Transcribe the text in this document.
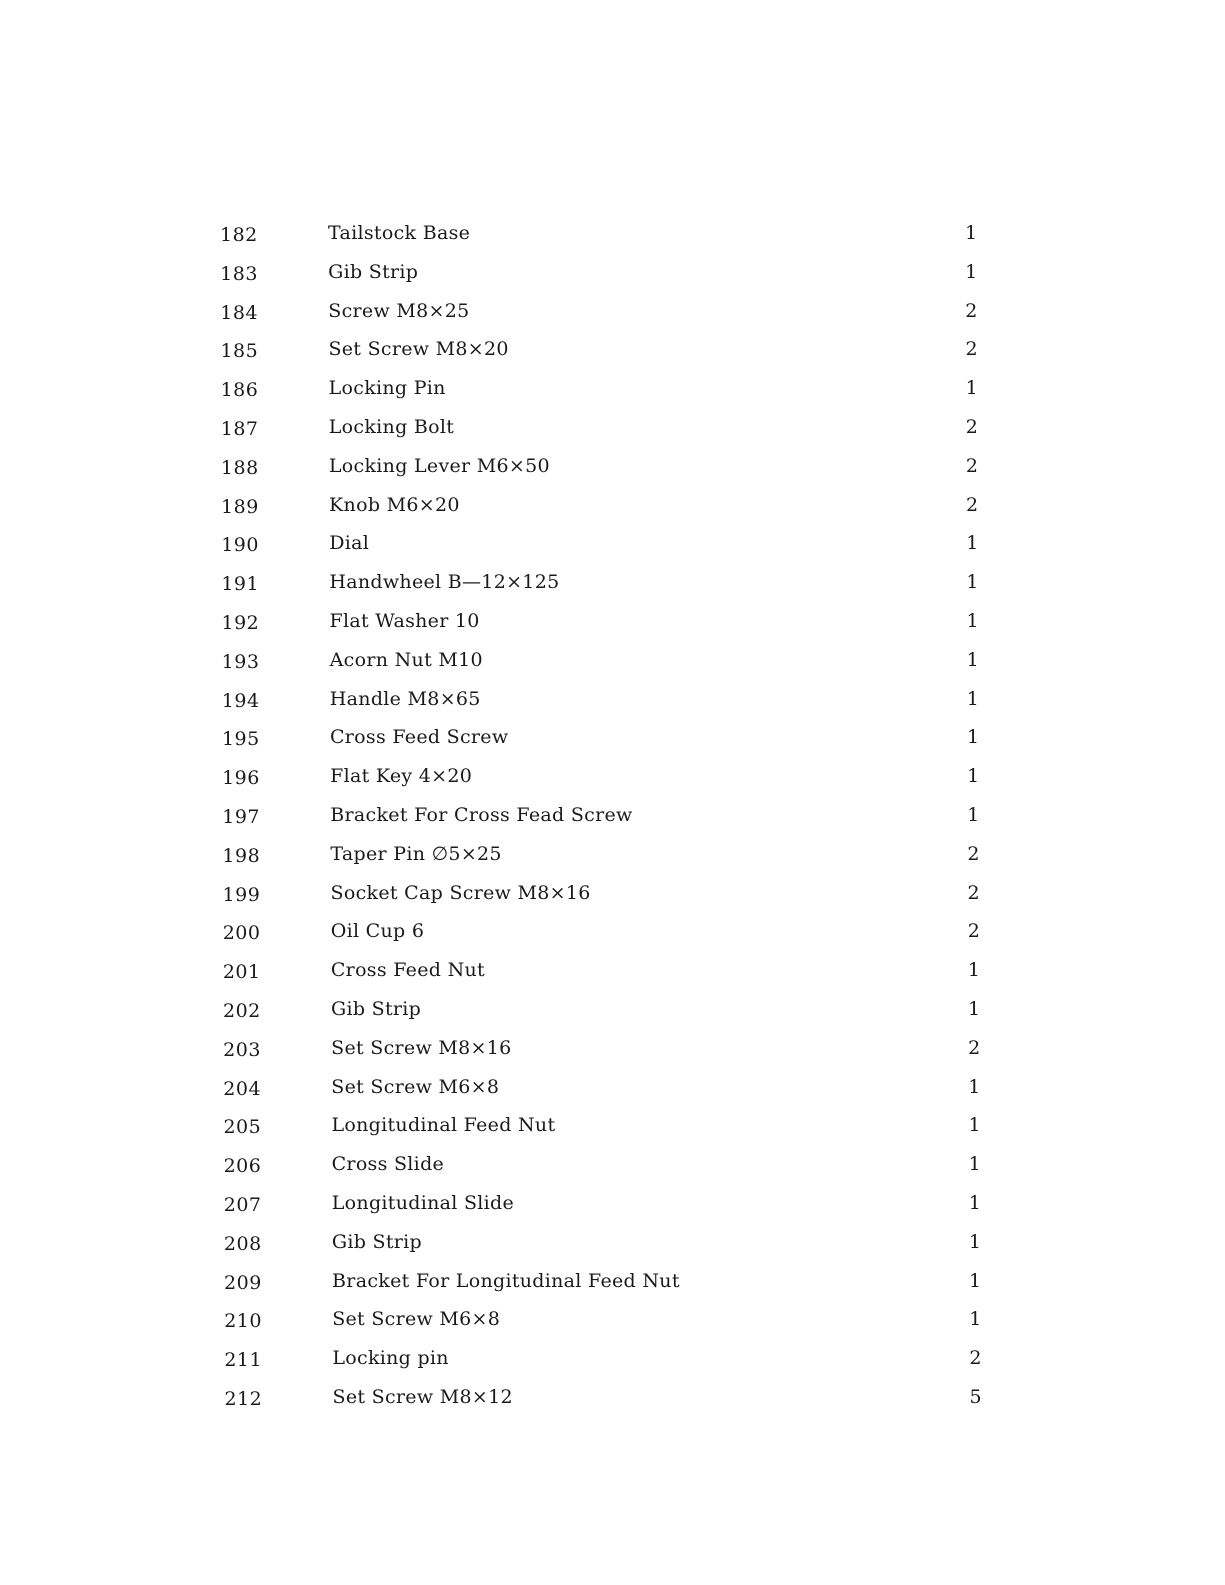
182	Tailstock Base	1
183	Gib Strip	1
184	Screw M8×25	2
185	Set Screw M8×20	2
186	Locking Pin	1
187	Locking Bolt	2
188	Locking Lever M6×50	2
189	Knob M6×20	2
190	Dial	1
191	Handwheel B—12×125	1
192	Flat Washer 10	1
193	Acorn Nut M10	1
194	Handle M8×65	1
195	Cross Feed Screw	1
196	Flat Key 4×20	1
197	Bracket For Cross Fead Screw	1
198	Taper Pin ∅5×25	2
199	Socket Cap Screw M8×16	2
200	Oil Cup 6	2
201	Cross Feed Nut	1
202	Gib Strip	1
203	Set Screw M8×16	2
204	Set Screw M6×8	1
205	Longitudinal Feed Nut	1
206	Cross Slide	1
207	Longitudinal Slide	1
208	Gib Strip	1
209	Bracket For Longitudinal Feed Nut	1
210	Set Screw M6×8	1
211	Locking pin	2
212	Set Screw M8×12	5
